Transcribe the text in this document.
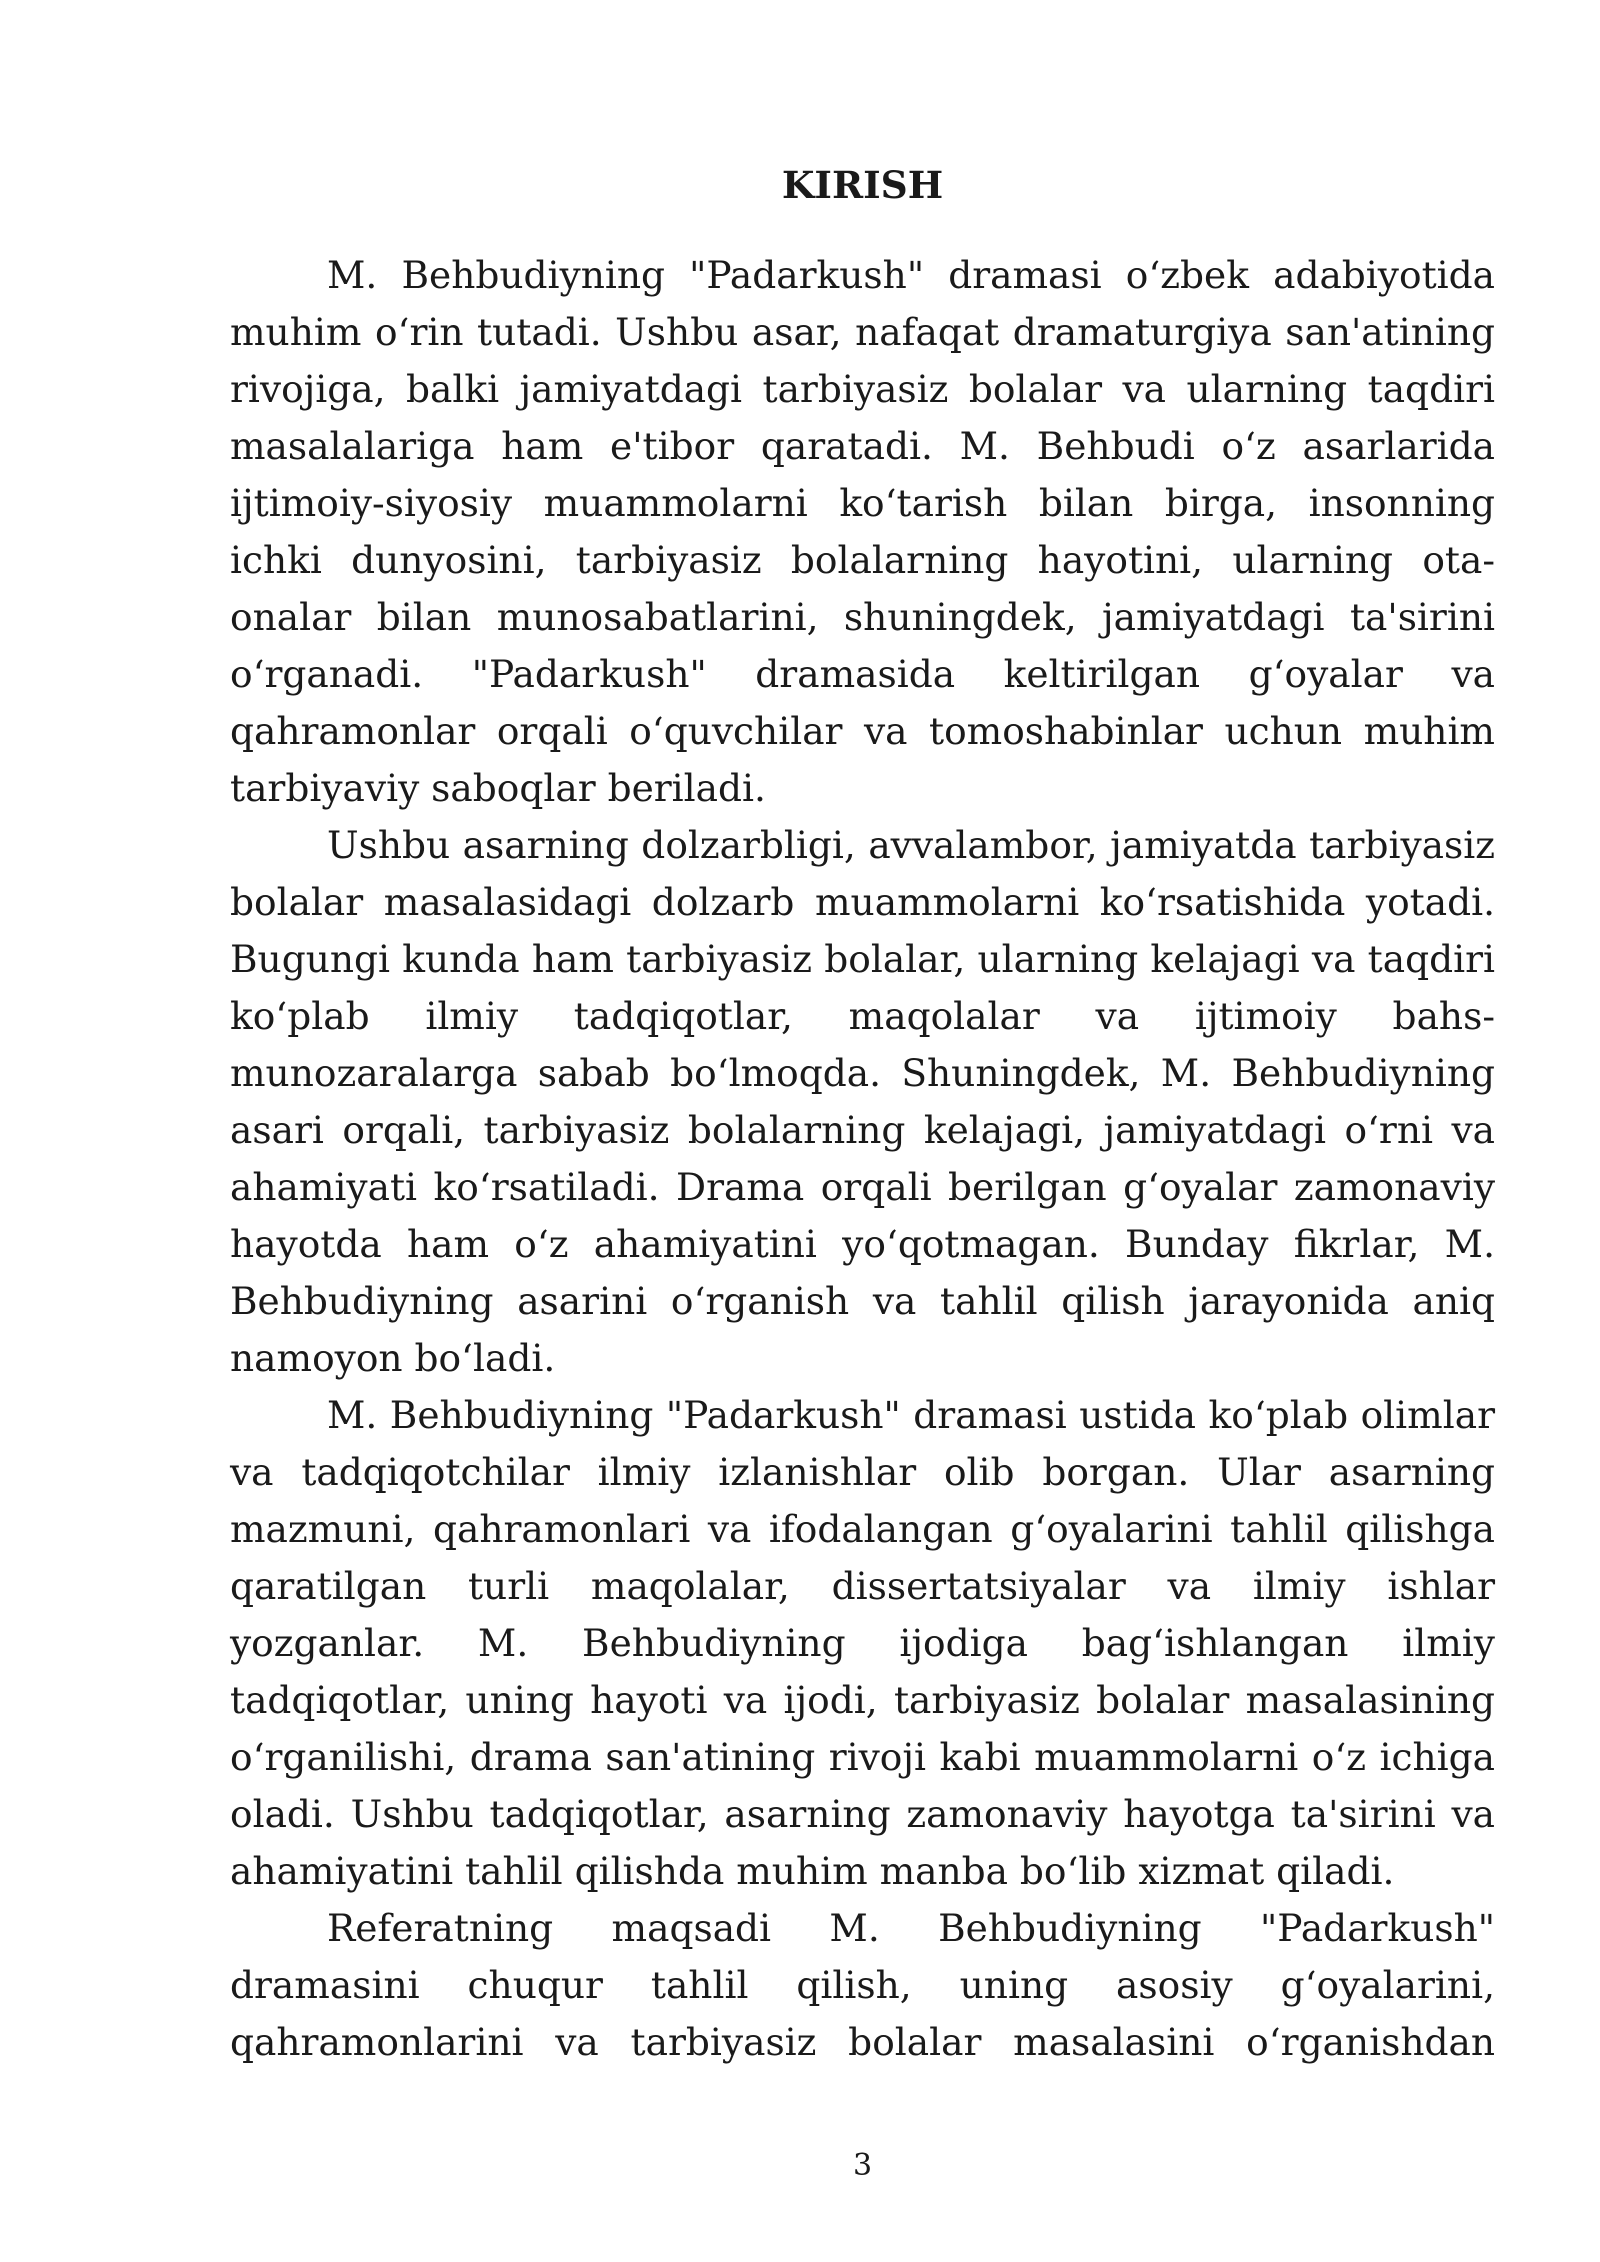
KIRISH

M. Behbudiyning "Padarkush" dramasi oʻzbek adabiyotida muhim oʻrin tutadi. Ushbu asar, nafaqat dramaturgiya san'atining rivojiga, balki jamiyatdagi tarbiyasiz bolalar va ularning taqdiri masalalariga ham e'tibor qaratadi. M. Behbudi oʻz asarlarida ijtimoiy-siyosiy muammolarni koʻtarish bilan birga, insonning ichki dunyosini, tarbiyasiz bolalarning hayotini, ularning ota-onalar bilan munosabatlarini, shuningdek, jamiyatdagi ta'sirini oʻrganadi. "Padarkush" dramasida keltirilgan gʻoyalar va qahramonlar orqali oʻquvchilar va tomoshabinlar uchun muhim tarbiyaviy saboqlar beriladi.

Ushbu asarning dolzarbligi, avvalambor, jamiyatda tarbiyasiz bolalar masalasidagi dolzarb muammolarni koʻrsatishida yotadi. Bugungi kunda ham tarbiyasiz bolalar, ularning kelajagi va taqdiri koʻplab ilmiy tadqiqotlar, maqolalar va ijtimoiy bahs-munozaralarga sabab boʻlmoqda. Shuningdek, M. Behbudiyning asari orqali, tarbiyasiz bolalarning kelajagi, jamiyatdagi oʻrni va ahamiyati koʻrsatiladi. Drama orqali berilgan gʻoyalar zamonaviy hayotda ham oʻz ahamiyatini yoʻqotmagan. Bunday fikrlar, M. Behbudiyning asarini oʻrganish va tahlil qilish jarayonida aniq namoyon boʻladi.

M. Behbudiyning "Padarkush" dramasi ustida koʻplab olimlar va tadqiqotchilar ilmiy izlanishlar olib borgan. Ular asarning mazmuni, qahramonlari va ifodalangan gʻoyalarini tahlil qilishga qaratilgan turli maqolalar, dissertatsiyalar va ilmiy ishlar yozganlar. M. Behbudiyning ijodiga bagʻishlangan ilmiy tadqiqotlar, uning hayoti va ijodi, tarbiyasiz bolalar masalasining oʻrganilishi, drama san'atining rivoji kabi muammolarni oʻz ichiga oladi. Ushbu tadqiqotlar, asarning zamonaviy hayotga ta'sirini va ahamiyatini tahlil qilishda muhim manba boʻlib xizmat qiladi.

Referatning maqsadi M. Behbudiyning "Padarkush" dramasini chuqur tahlil qilish, uning asosiy gʻoyalarini, qahramonlarini va tarbiyasiz bolalar masalasini oʻrganishdan

3
